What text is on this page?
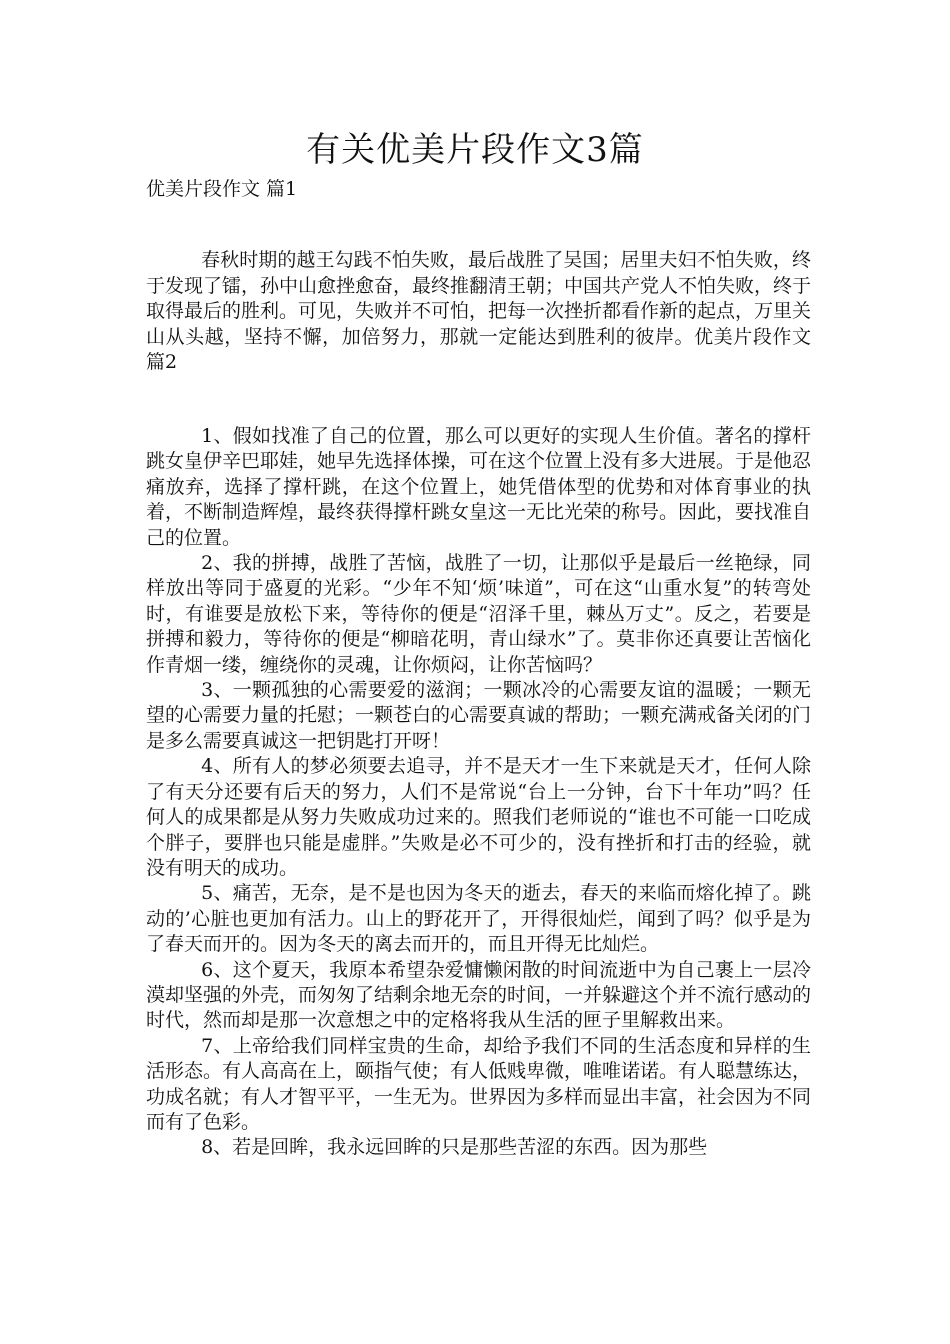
有关优美片段作文3篇
优美片段作文 篇1

春秋时期的越王勾践不怕失败，最后战胜了吴国；居里夫妇不怕失败，终于发现了镭，孙中山愈挫愈奋，最终推翻清王朝；中国共产党人不怕失败，终于取得最后的胜利。可见，失败并不可怕，把每一次挫折都看作新的起点，万里关山从头越，坚持不懈，加倍努力，那就一定能达到胜利的彼岸。优美片段作文 篇2

1、假如找准了自己的位置，那么可以更好的实现人生价值。著名的撑杆跳女皇伊辛巴耶娃，她早先选择体操，可在这个位置上没有多大进展。于是他忍痛放弃，选择了撑杆跳，在这个位置上，她凭借体型的优势和对体育事业的执着，不断制造辉煌，最终获得撑杆跳女皇这一无比光荣的称号。因此，要找准自己的位置。

2、我的拼搏，战胜了苦恼，战胜了一切，让那似乎是最后一丝艳绿，同样放出等同于盛夏的光彩。“少年不知‘烦’味道”，可在这“山重水复”的转弯处时，有谁要是放松下来，等待你的便是“沼泽千里，棘丛万丈”。反之，若要是拼搏和毅力，等待你的便是“柳暗花明，青山绿水”了。莫非你还真要让苦恼化作青烟一缕，缠绕你的灵魂，让你烦闷，让你苦恼吗？

3、一颗孤独的心需要爱的滋润；一颗冰冷的心需要友谊的温暖；一颗无望的心需要力量的托慰；一颗苍白的心需要真诚的帮助；一颗充满戒备关闭的门是多么需要真诚这一把钥匙打开呀！

4、所有人的梦必须要去追寻，并不是天才一生下来就是天才，任何人除了有天分还要有后天的努力，人们不是常说“台上一分钟，台下十年功”吗？任何人的成果都是从努力失败成功过来的。照我们老师说的“谁也不可能一口吃成个胖子，要胖也只能是虚胖。”失败是必不可少的，没有挫折和打击的经验，就没有明天的成功。

5、痛苦，无奈，是不是也因为冬天的逝去，春天的来临而熔化掉了。跳动的’心脏也更加有活力。山上的野花开了，开得很灿烂，闻到了吗？似乎是为了春天而开的。因为冬天的离去而开的，而且开得无比灿烂。

6、这个夏天，我原本希望杂爱慵懒闲散的时间流逝中为自己裹上一层冷漠却坚强的外壳，而匆匆了结剩余地无奈的时间，一并躲避这个并不流行感动的时代，然而却是那一次意想之中的定格将我从生活的匣子里解救出来。

7、上帝给我们同样宝贵的生命，却给予我们不同的生活态度和异样的生活形态。有人高高在上，颐指气使；有人低贱卑微，唯唯诺诺。有人聪慧练达，功成名就；有人才智平平，一生无为。世界因为多样而显出丰富，社会因为不同而有了色彩。

8、若是回眸，我永远回眸的只是那些苦涩的东西。因为那些
